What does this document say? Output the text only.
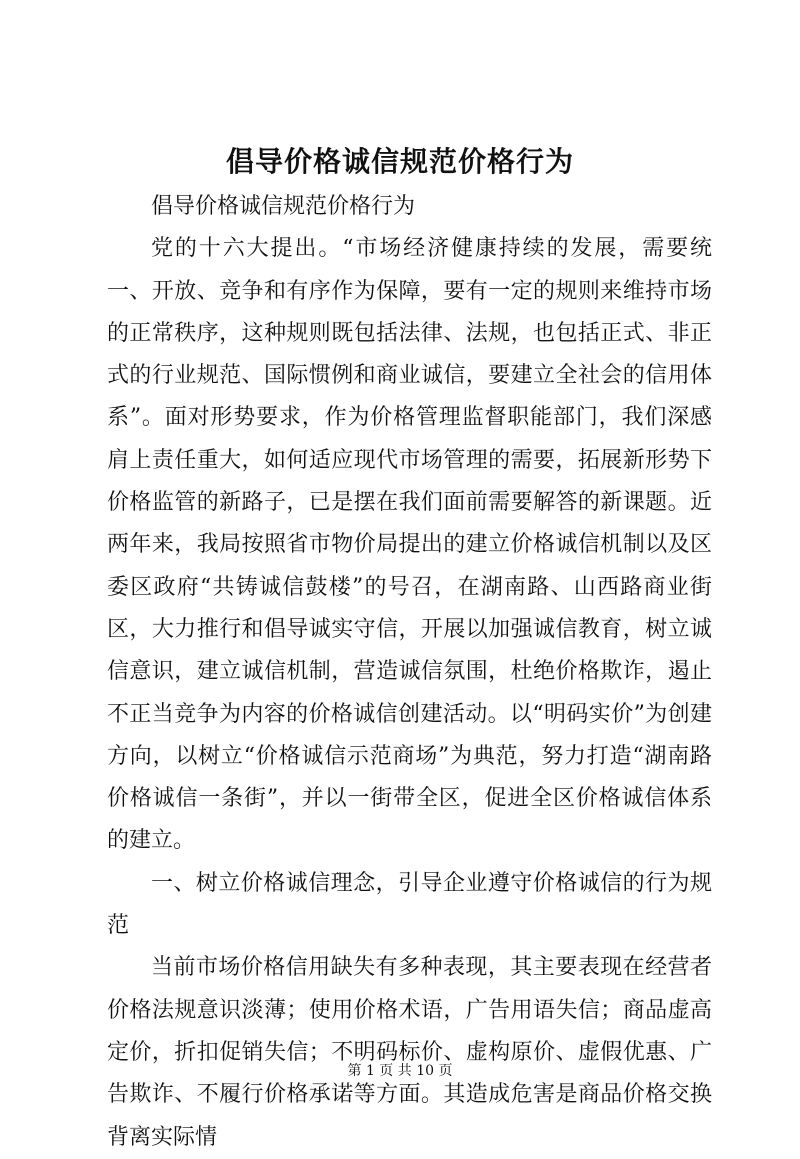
倡导价格诚信规范价格行为

倡导价格诚信规范价格行为

党的十六大提出。“市场经济健康持续的发展，需要统一、开放、竞争和有序作为保障，要有一定的规则来维持市场的正常秩序，这种规则既包括法律、法规，也包括正式、非正式的行业规范、国际惯例和商业诚信，要建立全社会的信用体系”。面对形势要求，作为价格管理监督职能部门，我们深感肩上责任重大，如何适应现代市场管理的需要，拓展新形势下价格监管的新路子，已是摆在我们面前需要解答的新课题。近两年来，我局按照省市物价局提出的建立价格诚信机制以及区委区政府“共铸诚信鼓楼”的号召，在湖南路、山西路商业街区，大力推行和倡导诚实守信，开展以加强诚信教育，树立诚信意识，建立诚信机制，营造诚信氛围，杜绝价格欺诈，遏止不正当竞争为内容的价格诚信创建活动。以“明码实价”为创建方向，以树立“价格诚信示范商场”为典范，努力打造“湖南路价格诚信一条街”，并以一街带全区，促进全区价格诚信体系的建立。

一、树立价格诚信理念，引导企业遵守价格诚信的行为规范

当前市场价格信用缺失有多种表现，其主要表现在经营者价格法规意识淡薄；使用价格术语，广告用语失信；商品虚高定价，折扣促销失信；不明码标价、虚构原价、虚假优惠、广告欺诈、不履行价格承诺等方面。其造成危害是商品价格交换背离实际情

第 1 页 共 10 页
